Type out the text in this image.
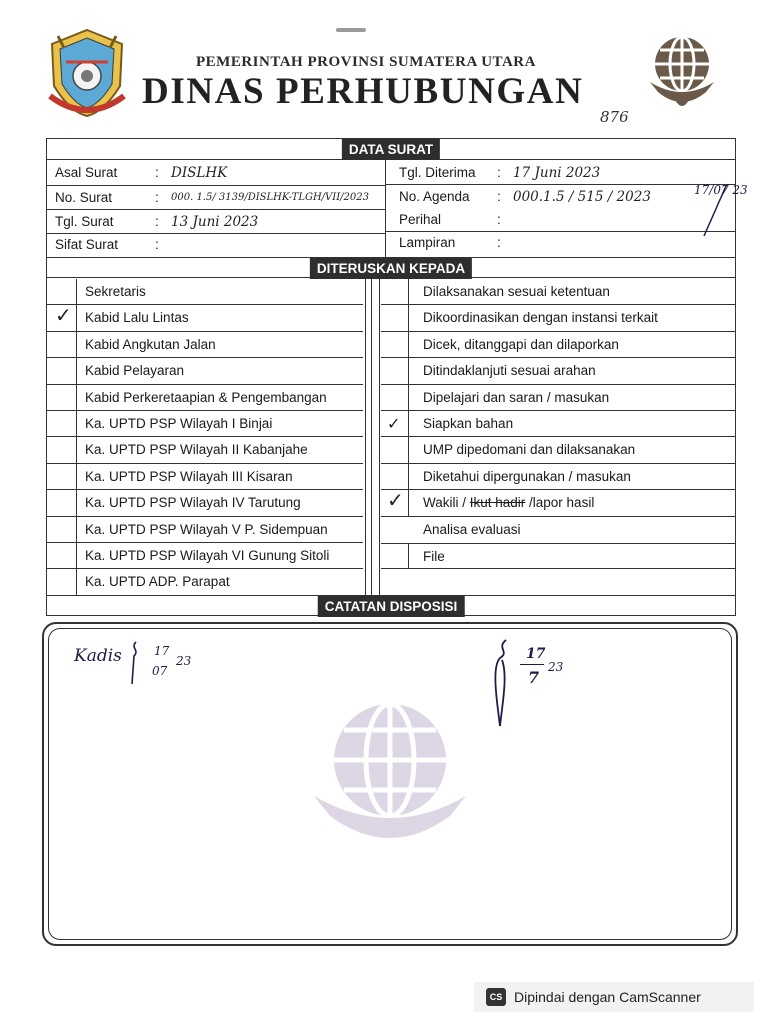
PEMERINTAH PROVINSI SUMATERA UTARA
DINAS PERHUBUNGAN
876
DATA SURAT
Asal Surat	: DISLHK
No. Surat	: 000. 1.5/ 3139/DISLHK-TLGH/VII/2023
Tgl. Surat	: 13 Juni 2023
Sifat Surat	:
Tgl. Diterima : 17 Juni 2023
No. Agenda : 000.1.5 / 515 / 2023
Perihal	:
Lampiran	:
DITERUSKAN KEPADA
Sekretaris
✓ Kabid Lalu Lintas
Kabid Angkutan Jalan
Kabid Pelayaran
Kabid Perkeretaapian & Pengembangan
Ka. UPTD PSP Wilayah I Binjai
Ka. UPTD PSP Wilayah II Kabanjahe
Ka. UPTD PSP Wilayah III Kisaran
Ka. UPTD PSP Wilayah IV Tarutung
Ka. UPTD PSP Wilayah V P. Sidempuan
Ka. UPTD PSP Wilayah VI Gunung Sitoli
Ka. UPTD ADP. Parapat
Dilaksanakan sesuai ketentuan
Dikoordinasikan dengan instansi terkait
Dicek, ditanggapi dan dilaporkan
Ditindaklanjuti sesuai arahan
Dipelajari dan saran / masukan
✓ Siapkan bahan
UMP dipedomani dan dilaksanakan
Diketahui dipergunakan / masukan
✓ Wakili / Ikut hadir /lapor hasil
Analisa evaluasi
File
CATATAN DISPOSISI
17/07 23
Kadis	17
07
23	17
7
23
CS Dipindai dengan CamScanner
